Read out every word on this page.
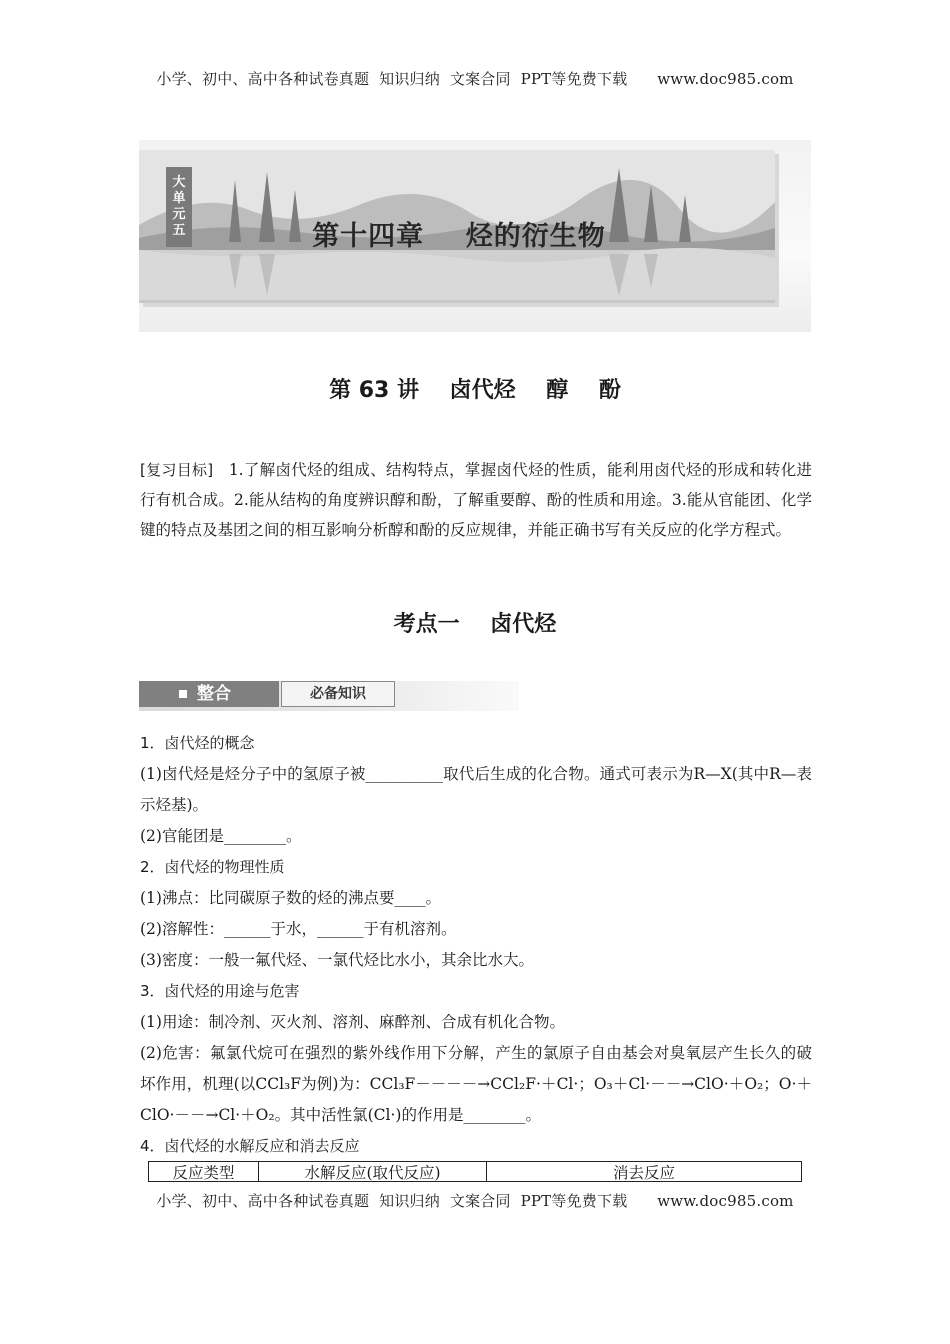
小学、初中、高中各种试卷真题  知识归纳  文案合同  PPT等免费下载      www.doc985.com
大
单
元
五	第十四章    烃的衍生物
第 63 讲    卤代烃    醇    酚
[复习目标] 1.了解卤代烃的组成、结构特点，掌握卤代烃的性质，能利用卤代烃的形成和转化进行有机合成。2.能从结构的角度辨识醇和酚，了解重要醇、酚的性质和用途。3.能从官能团、化学键的特点及基团之间的相互影响分析醇和酚的反应规律，并能正确书写有关反应的化学方程式。
考点一    卤代烃
整合	必备知识

1．卤代烃的概念

(1)卤代烃是烃分子中的氢原子被__________取代后生成的化合物。通式可表示为R—X(其中R—表示烃基)。

(2)官能团是________。

2．卤代烃的物理性质

(1)沸点：比同碳原子数的烃的沸点要____。

(2)溶解性：______于水，______于有机溶剂。

(3)密度：一般一氟代烃、一氯代烃比水小，其余比水大。

3．卤代烃的用途与危害

(1)用途：制冷剂、灭火剂、溶剂、麻醉剂、合成有机化合物。

(2)危害：氟氯代烷可在强烈的紫外线作用下分解，产生的氯原子自由基会对臭氧层产生长久的破坏作用，机理(以CCl₃F为例)为：CCl₃F－－－－→CCl₂F·＋Cl·；O₃＋Cl·－－→ClO·＋O₂；O·＋ClO·－－→Cl·＋O₂。其中活性氯(Cl·)的作用是________。

4．卤代烃的水解反应和消去反应

反应类型	水解反应(取代反应)	消去反应
小学、初中、高中各种试卷真题  知识归纳  文案合同  PPT等免费下载      www.doc985.com
